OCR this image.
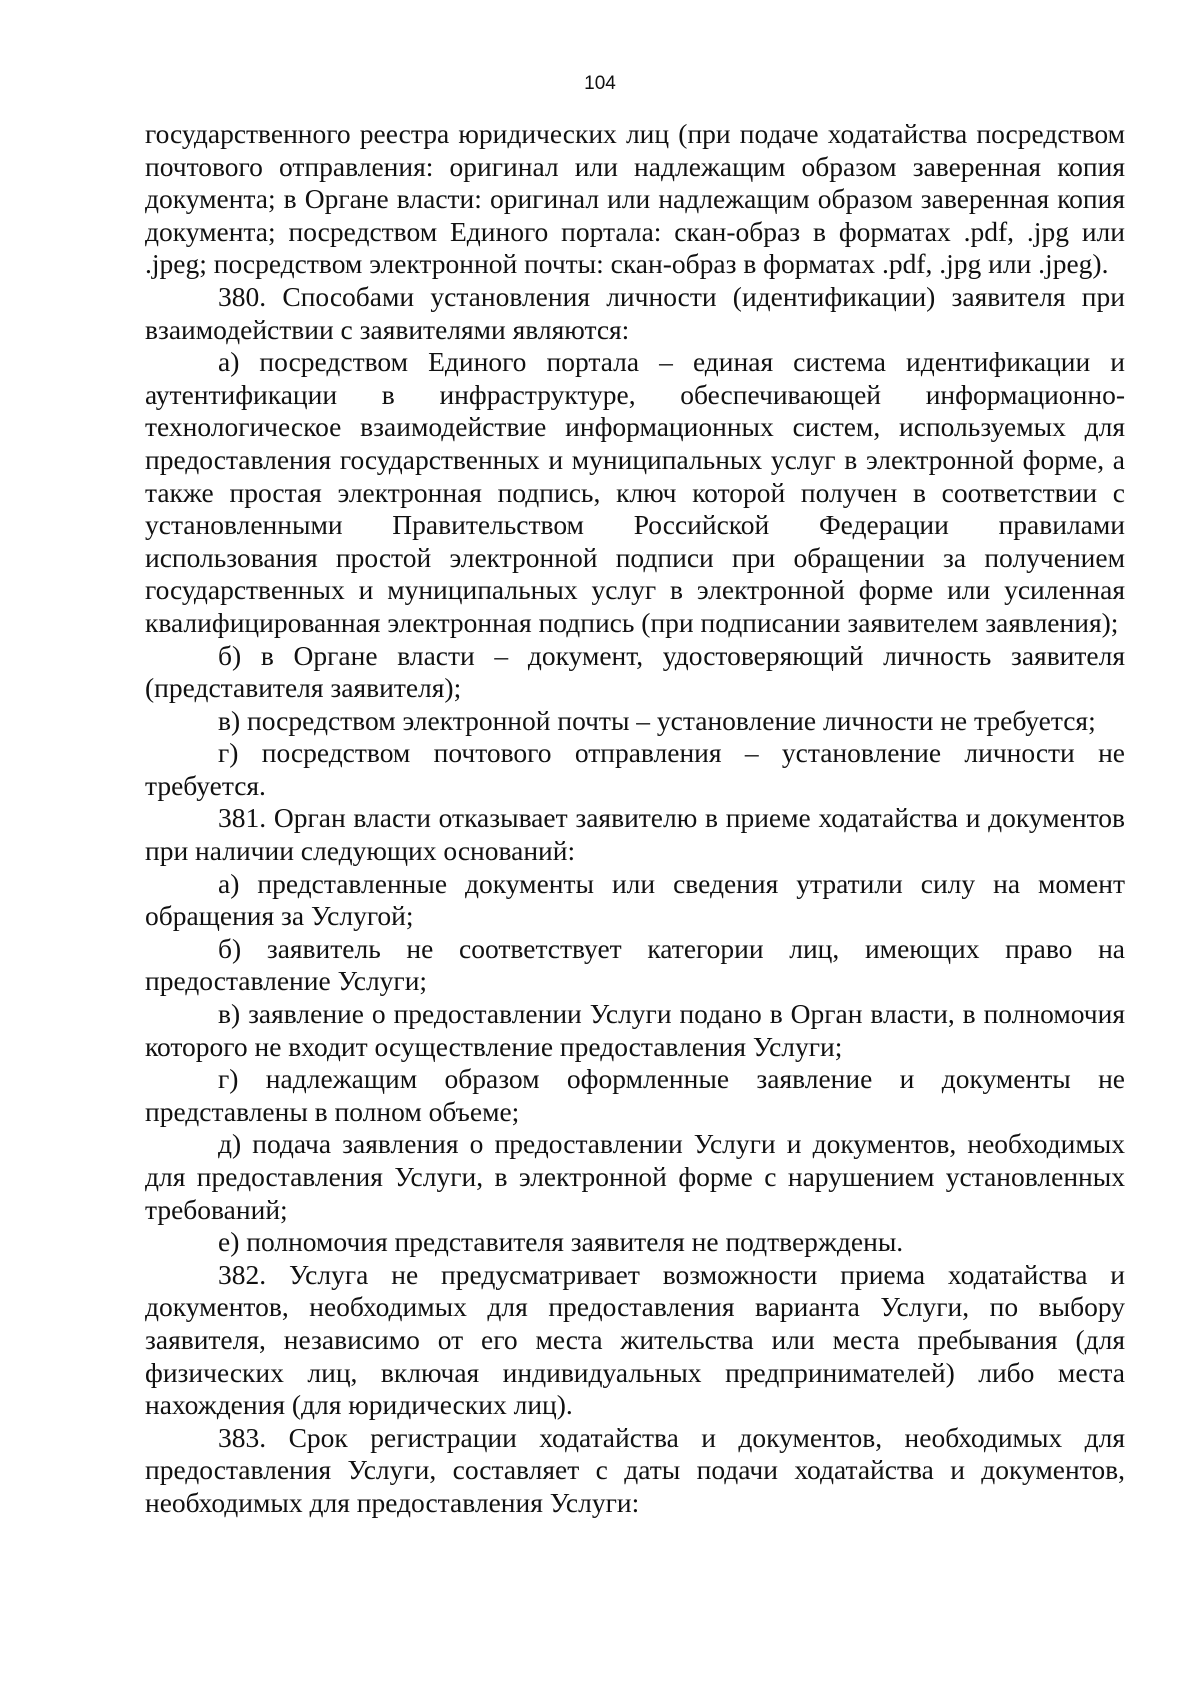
104

государственного реестра юридических лиц (при подаче ходатайства посредством почтового отправления: оригинал или надлежащим образом заверенная копия документа; в Органе власти: оригинал или надлежащим образом заверенная копия документа; посредством Единого портала: скан-образ в форматах .pdf, .jpg или .jpeg; посредством электронной почты: скан-образ в форматах .pdf, .jpg или .jpeg).

380. Способами установления личности (идентификации) заявителя при взаимодействии с заявителями являются:

а) посредством Единого портала – единая система идентификации и аутентификации в инфраструктуре, обеспечивающей информационно-технологическое взаимодействие информационных систем, используемых для предоставления государственных и муниципальных услуг в электронной форме, а также простая электронная подпись, ключ которой получен в соответствии с установленными Правительством Российской Федерации правилами использования простой электронной подписи при обращении за получением государственных и муниципальных услуг в электронной форме или усиленная квалифицированная электронная подпись (при подписании заявителем заявления);

б) в Органе власти – документ, удостоверяющий личность заявителя (представителя заявителя);

в) посредством электронной почты – установление личности не требуется;

г) посредством почтового отправления – установление личности не требуется.

381. Орган власти отказывает заявителю в приеме ходатайства и документов при наличии следующих оснований:

а) представленные документы или сведения утратили силу на момент обращения за Услугой;

б) заявитель не соответствует категории лиц, имеющих право на предоставление Услуги;

в) заявление о предоставлении Услуги подано в Орган власти, в полномочия которого не входит осуществление предоставления Услуги;

г) надлежащим образом оформленные заявление и документы не представлены в полном объеме;

д) подача заявления о предоставлении Услуги и документов, необходимых для предоставления Услуги, в электронной форме с нарушением установленных требований;

е) полномочия представителя заявителя не подтверждены.

382. Услуга не предусматривает возможности приема ходатайства и документов, необходимых для предоставления варианта Услуги, по выбору заявителя, независимо от его места жительства или места пребывания (для физических лиц, включая индивидуальных предпринимателей) либо места нахождения (для юридических лиц).

383. Срок регистрации ходатайства и документов, необходимых для предоставления Услуги, составляет с даты подачи ходатайства и документов, необходимых для предоставления Услуги:
